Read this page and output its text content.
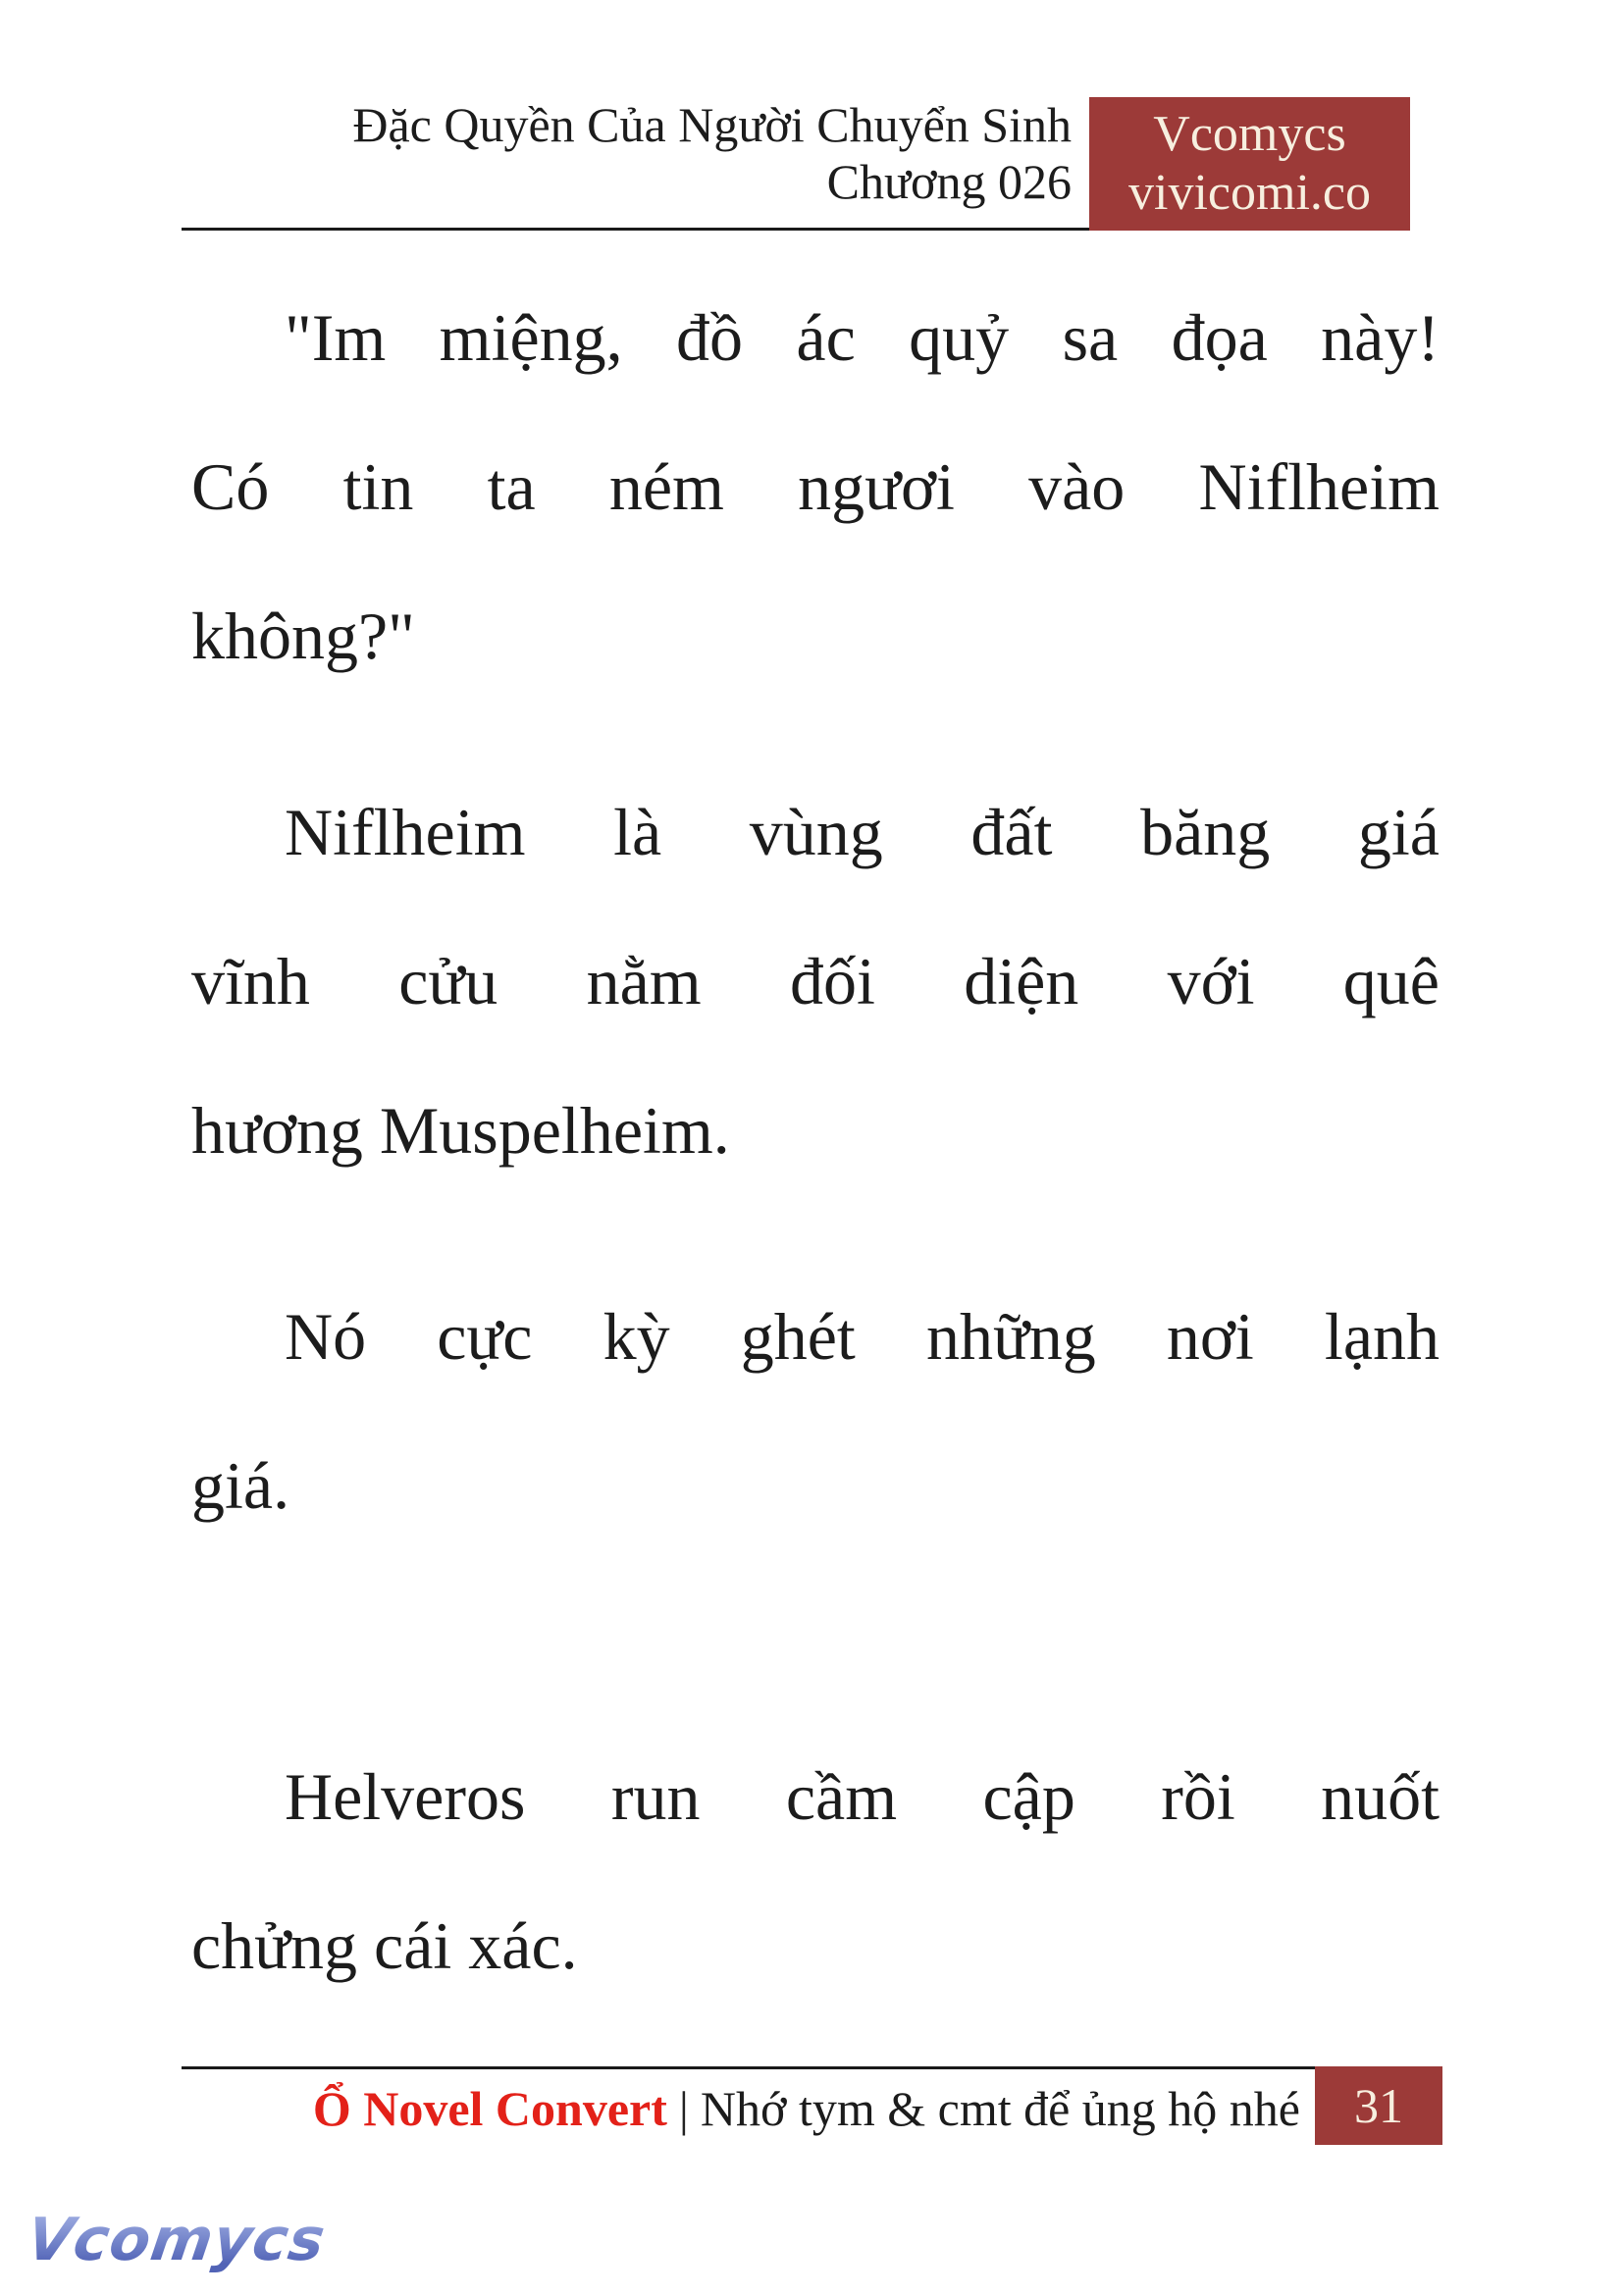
Đặc Quyền Của Người Chuyển Sinh
Chương 026
Vcomycs
vivicomi.co
"Im miệng, đồ ác quỷ sa đọa này!
Có tin ta ném ngươi vào Niflheim
không?"
Niflheim là vùng đất băng giá
vĩnh cửu nằm đối diện với quê
hương Muspelheim.
Nó cực kỳ ghét những nơi lạnh
giá.
Helveros run cầm cập rồi nuốt
chửng cái xác.
Ổ Novel Convert | Nhớ tym & cmt để ủng hộ nhé 31
Vcomycs
